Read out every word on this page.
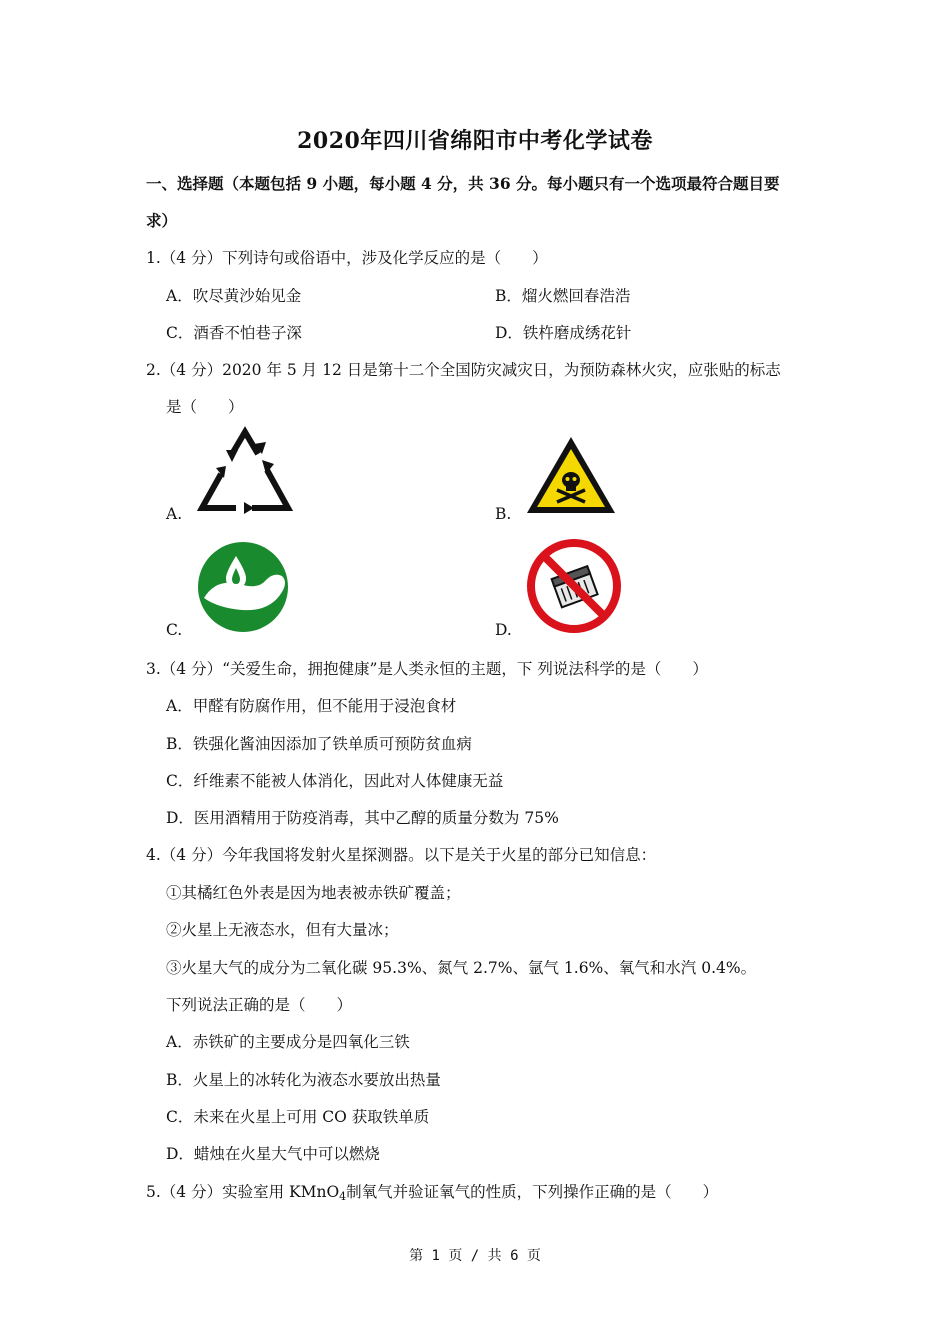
2020年四川省绵阳市中考化学试卷
一、选择题（本题包括 9 小题，每小题 4 分，共 36 分。每小题只有一个选项最符合题目要
求）
1.（4 分）下列诗句或俗语中，涉及化学反应的是（　　）
A．吹尽黄沙始见金	B．熘火燃回春浩浩
C．酒香不怕巷子深	D．铁杵磨成绣花针
2.（4 分）2020 年 5 月 12 日是第十二个全国防灾减灾日，为预防森林火灾，应张贴的标志
是（　　）
A.	B.
C.	D.
3.（4 分）“关爱生命，拥抱健康”是人类永恒的主题，下 列说法科学的是（　　）
A．甲醛有防腐作用，但不能用于浸泡食材
B．铁强化酱油因添加了铁单质可预防贫血病
C．纤维素不能被人体消化，因此对人体健康无益
D．医用酒精用于防疫消毒，其中乙醇的质量分数为 75%
4.（4 分）今年我国将发射火星探测器。以下是关于火星的部分已知信息：
①其橘红色外表是因为地表被赤铁矿覆盖；
②火星上无液态水，但有大量冰；
③火星大气的成分为二氧化碳 95.3%、氮气 2.7%、氩气 1.6%、氧气和水汽 0.4%。
下列说法正确的是（　　）
A．赤铁矿的主要成分是四氧化三铁
B．火星上的冰转化为液态水要放出热量
C．未来在火星上可用 CO 获取铁单质
D．蜡烛在火星大气中可以燃烧
5.（4 分）实验室用 KMnO$_4$制氧气并验证氧气的性质，下列操作正确的是（　　）
第 1 页 / 共 6 页
